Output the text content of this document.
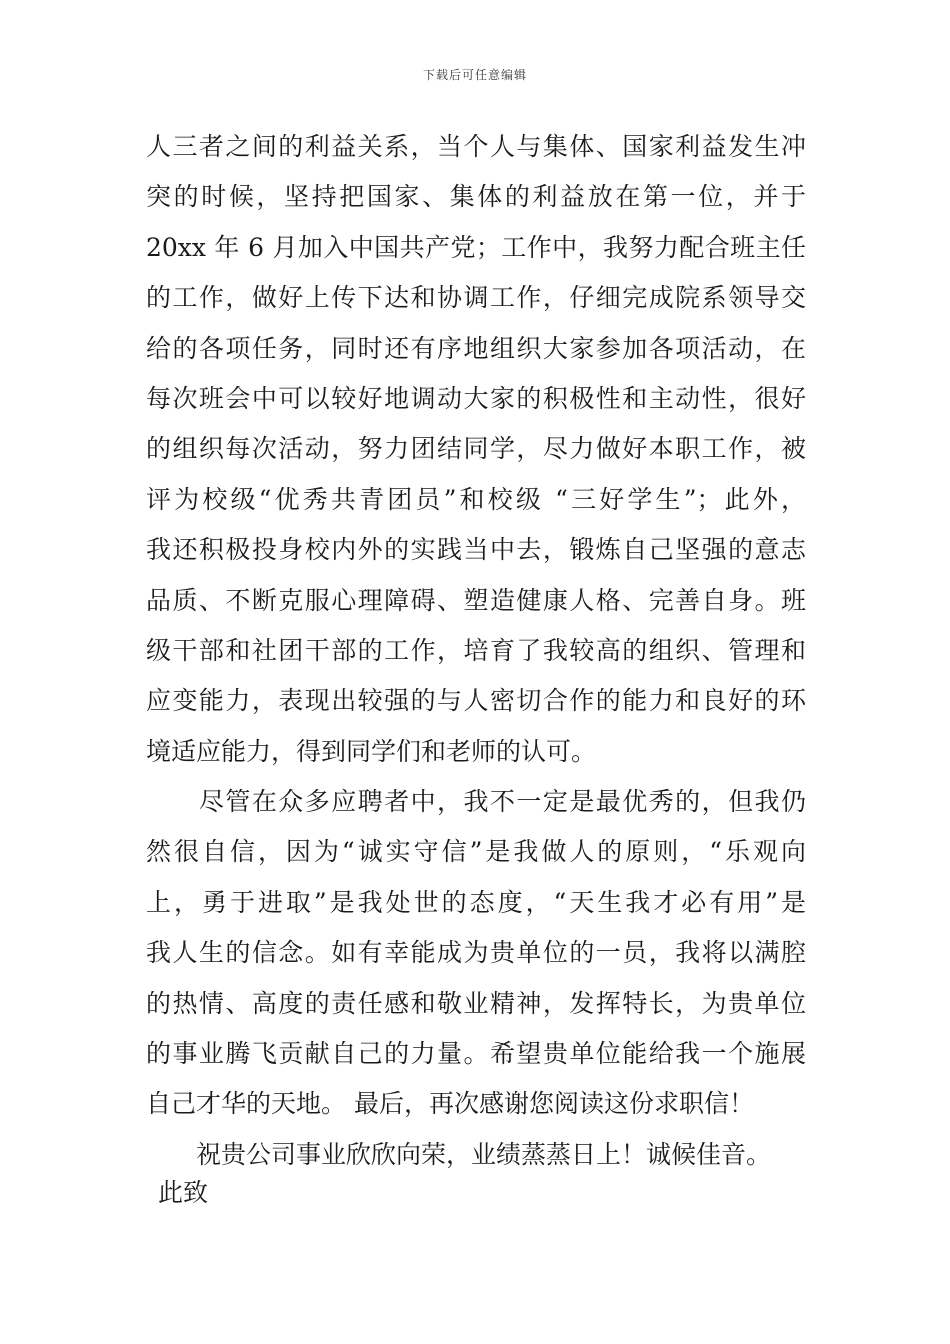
下载后可任意编辑
人三者之间的利益关系，当个人与集体、国家利益发生冲
突的时候，坚持把国家、集体的利益放在第一位，并于
20xx 年 6 月加入中国共产党；工作中，我努力配合班主任
的工作，做好上传下达和协调工作，仔细完成院系领导交
给的各项任务，同时还有序地组织大家参加各项活动，在
每次班会中可以较好地调动大家的积极性和主动性，很好
的组织每次活动，努力团结同学，尽力做好本职工作，被
评为校级“优秀共青团员”和校级 “三好学生”；此外，
我还积极投身校内外的实践当中去，锻炼自己坚强的意志
品质、不断克服心理障碍、塑造健康人格、完善自身。班
级干部和社团干部的工作，培育了我较高的组织、管理和
应变能力，表现出较强的与人密切合作的能力和良好的环
境适应能力，得到同学们和老师的认可。
　　尽管在众多应聘者中，我不一定是最优秀的，但我仍
然很自信，因为“诚实守信”是我做人的原则，“乐观向
上，勇于进取”是我处世的态度，“天生我才必有用”是
我人生的信念。如有幸能成为贵单位的一员，我将以满腔
的热情、高度的责任感和敬业精神，发挥特长，为贵单位
的事业腾飞贡献自己的力量。希望贵单位能给我一个施展
自己才华的天地。 最后，再次感谢您阅读这份求职信！
　　祝贵公司事业欣欣向荣，业绩蒸蒸日上！诚候佳音。
此致
